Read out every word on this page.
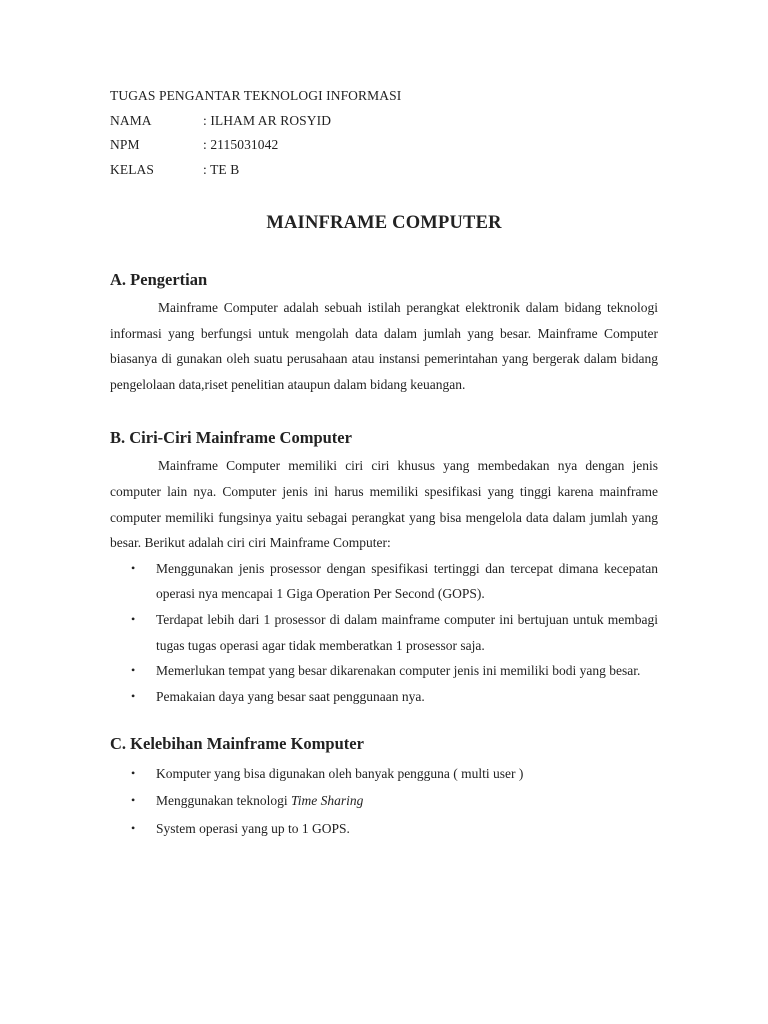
TUGAS PENGANTAR TEKNOLOGI INFORMASI
NAMA	: ILHAM AR ROSYID
NPM	: 2115031042
KELAS	: TE B
MAINFRAME COMPUTER
A. Pengertian

Mainframe Computer adalah sebuah istilah perangkat elektronik dalam bidang teknologi informasi yang berfungsi untuk mengolah data dalam jumlah yang besar. Mainframe Computer biasanya di gunakan oleh suatu perusahaan atau instansi pemerintahan yang bergerak dalam bidang pengelolaan data,riset penelitian ataupun dalam bidang keuangan.

B. Ciri-Ciri Mainframe Computer

Mainframe Computer memiliki ciri ciri khusus yang membedakan nya dengan jenis computer lain nya. Computer jenis ini harus memiliki spesifikasi yang tinggi karena mainframe computer memiliki fungsinya yaitu sebagai perangkat yang bisa mengelola data dalam jumlah yang besar. Berikut adalah ciri ciri Mainframe Computer:

• Menggunakan jenis prosessor dengan spesifikasi tertinggi dan tercepat dimana kecepatan operasi nya mencapai 1 Giga Operation Per Second (GOPS).
• Terdapat lebih dari 1 prosessor di dalam mainframe computer ini bertujuan untuk membagi tugas tugas operasi agar tidak memberatkan 1 prosessor saja.
• Memerlukan tempat yang besar dikarenakan computer jenis ini memiliki bodi yang besar.
• Pemakaian daya yang besar saat penggunaan nya.
C. Kelebihan Mainframe Komputer
• Komputer yang bisa digunakan oleh banyak pengguna ( multi user )
• Menggunakan teknologi Time Sharing
• System operasi yang up to 1 GOPS.
